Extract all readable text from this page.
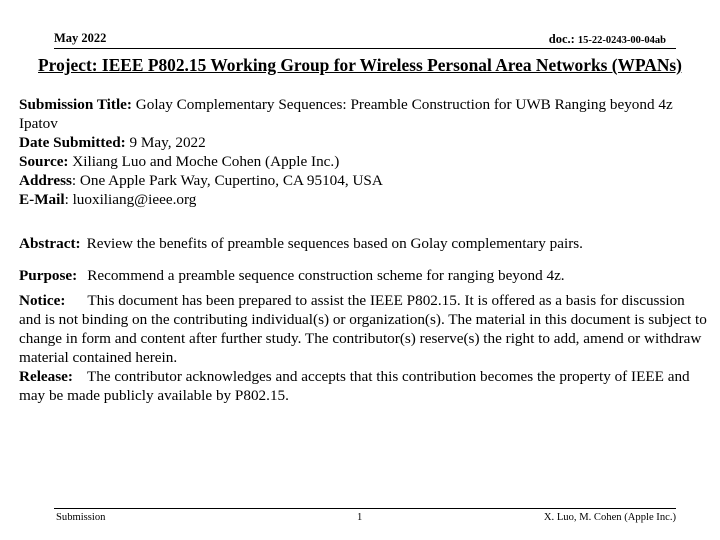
May 2022	doc.: 15-22-0243-00-04ab
Project: IEEE P802.15 Working Group for Wireless Personal Area Networks (WPANs)
Submission Title: Golay Complementary Sequences: Preamble Construction for UWB Ranging beyond 4z Ipatov
Date Submitted: 9 May, 2022
Source: Xiliang Luo and Moche Cohen (Apple Inc.)
Address: One Apple Park Way, Cupertino, CA 95104, USA
E-Mail: luoxiliang@ieee.org
Abstract: Review the benefits of preamble sequences based on Golay complementary pairs.
Purpose: Recommend a preamble sequence construction scheme for ranging beyond 4z.
Notice: This document has been prepared to assist the IEEE P802.15. It is offered as a basis for discussion and is not binding on the contributing individual(s) or organization(s). The material in this document is subject to change in form and content after further study. The contributor(s) reserve(s) the right to add, amend or withdraw material contained herein.
Release: The contributor acknowledges and accepts that this contribution becomes the property of IEEE and may be made publicly available by P802.15.
Submission	1	X. Luo, M. Cohen (Apple Inc.)
